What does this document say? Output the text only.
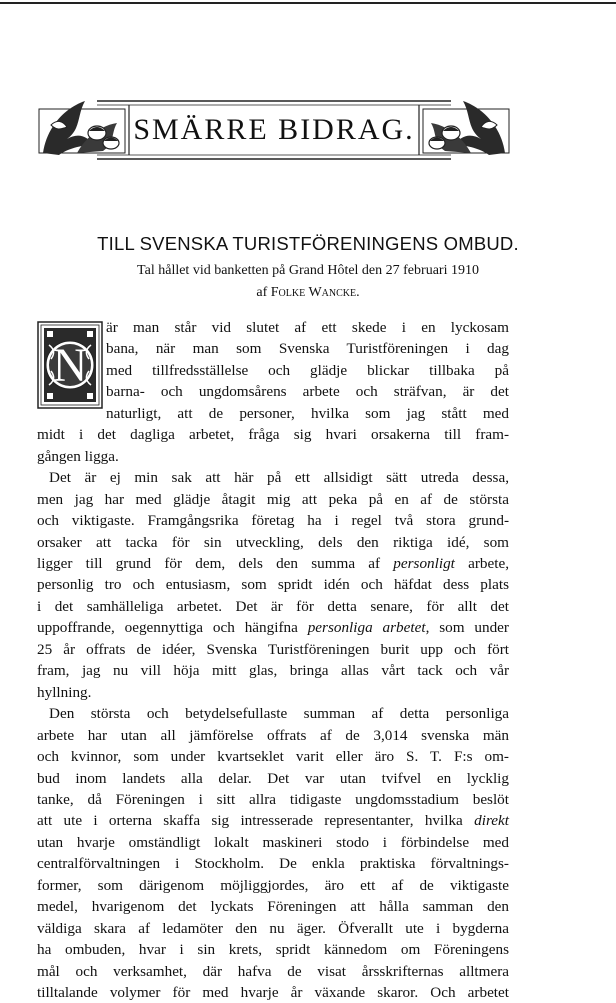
SMÄRRE BIDRAG.
TILL SVENSKA TURISTFÖRENINGENS OMBUD.
Tal hållet vid banketten på Grand Hôtel den 27 februari 1910
af Folke Wancke.
N
är man står vid slutet af ett skede i en lyckosam
bana, när man som Svenska Turistföreningen i dag
med tillfredsställelse och glädje blickar tillbaka på
barna- och ungdomsårens arbete och sträfvan, är det
naturligt, att de personer, hvilka som jag stått med
midt i det dagliga arbetet, fråga sig hvari orsakerna till fram-
gången ligga.
Det är ej min sak att här på ett allsidigt sätt utreda dessa,
men jag har med glädje åtagit mig att peka på en af de största
och viktigaste. Framgångsrika företag ha i regel två stora grund-
orsaker att tacka för sin utveckling, dels den riktiga idé, som
ligger till grund för dem, dels den summa af personligt arbete,
personlig tro och entusiasm, som spridt idén och häfdat dess plats
i det samhälleliga arbetet. Det är för detta senare, för allt det
uppoffrande, oegennyttiga och hängifna personliga arbetet, som under
25 år offrats de idéer, Svenska Turistföreningen burit upp och fört
fram, jag nu vill höja mitt glas, bringa allas vårt tack och vår
hyllning.
Den största och betydelsefullaste summan af detta personliga
arbete har utan all jämförelse offrats af de 3,014 svenska män
och kvinnor, som under kvartseklet varit eller äro S. T. F:s om-
bud inom landets alla delar. Det var utan tvifvel en lycklig
tanke, då Föreningen i sitt allra tidigaste ungdomsstadium beslöt
att ute i orterna skaffa sig intresserade representanter, hvilka direkt
utan hvarje omständligt lokalt maskineri stodo i förbindelse med
centralförvaltningen i Stockholm. De enkla praktiska förvaltnings-
former, som därigenom möjliggjordes, äro ett af de viktigaste
medel, hvarigenom det lyckats Föreningen att hålla samman den
väldiga skara af ledamöter den nu äger. Öfverallt ute i bygderna
ha ombuden, hvar i sin krets, spridt kännedom om Föreningens
mål och verksamhet, där hafva de visat årsskrifternas alltmera
tilltalande volymer för med hvarje år växande skaror. Och arbetet
